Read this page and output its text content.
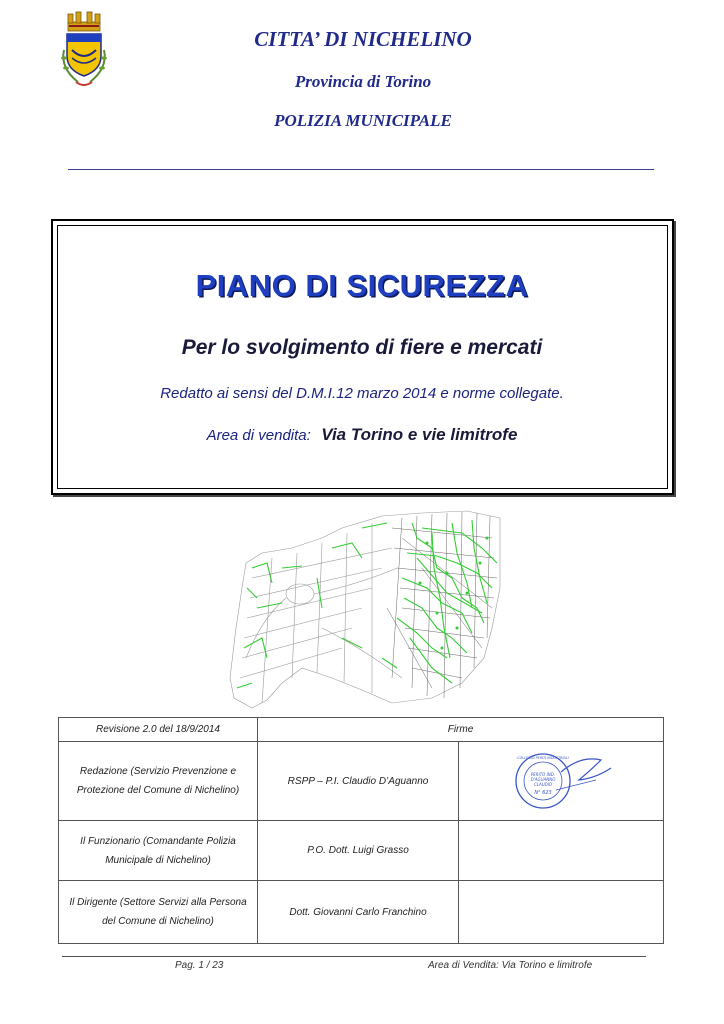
CITTA’ DI NICHELINO
Provincia di Torino
POLIZIA MUNICIPALE
PIANO DI SICUREZZA
Per lo svolgimento di fiere e mercati
Redatto ai sensi del D.M.I.12 marzo 2014 e norme collegate.
Area di vendita: Via Torino e vie limitrofe
Revisione 2.0 del 18/9/2014	Firme	
Redazione (Servizio Prevenzione e Protezione del Comune di Nichelino)	RSPP – P.I. Claudio D’Aguanno	PERITO IND.
D'AGUANNO
CLAUDIO
N° 623
COLLEGIO PERITI INDUSTRIALI

Il Funzionario (Comandante Polizia Municipale di Nichelino)	P.O. Dott. Luigi Grasso	
Il Dirigente (Settore Servizi alla Persona del Comune di Nichelino)	Dott. Giovanni Carlo Franchino	
Pag. 1 / 23	Area di Vendita: Via Torino e limitrofe
